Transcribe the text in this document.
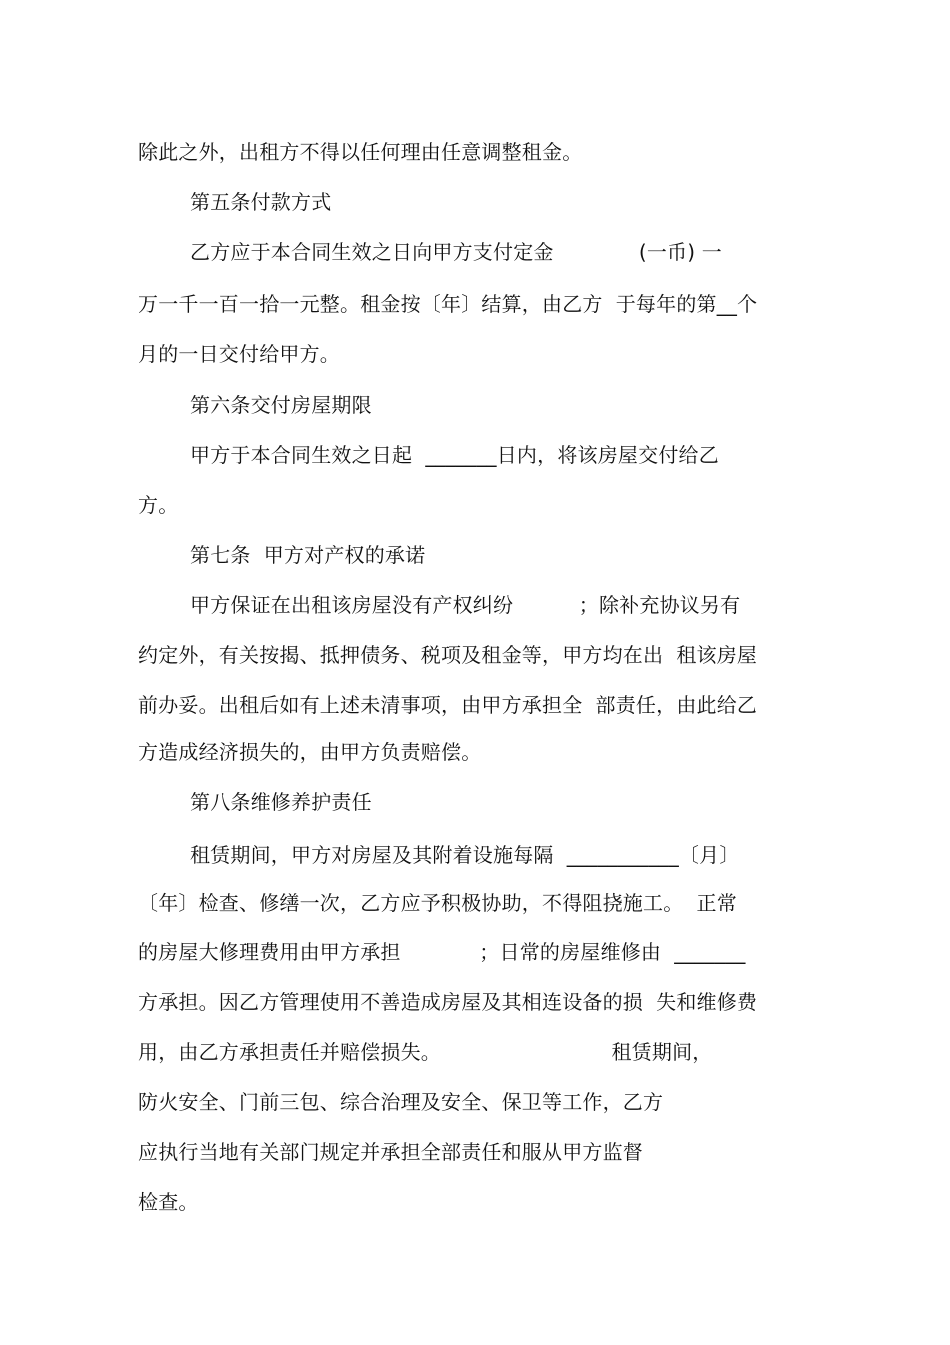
除此之外，出租方不得以任何理由任意调整租金。
第五条付款方式
乙方应于本合同生效之日向甲方支付定金             (一币) 一
万一千一百一拾一元整。租金按〔年〕结算，由乙方  于每年的第__个
月的一日交付给甲方。
第六条交付房屋期限
甲方于本合同生效之日起  _______日内，将该房屋交付给乙
方。
第七条  甲方对产权的承诺
甲方保证在出租该房屋没有产权纠纷          ；除补充协议另有
约定外，有关按揭、抵押债务、税项及租金等，甲方均在出  租该房屋
前办妥。出租后如有上述未清事项，由甲方承担全  部责任，由此给乙
方造成经济损失的，由甲方负责赔偿。
第八条维修养护责任
租赁期间，甲方对房屋及其附着设施每隔  ___________〔月〕
〔年〕检查、修缮一次，乙方应予积极协助，不得阻挠施工。  正常
的房屋大修理费用由甲方承担            ；日常的房屋维修由  _______
方承担。因乙方管理使用不善造成房屋及其相连设备的损  失和维修费
用，由乙方承担责任并赔偿损失。                          租赁期间，
防火安全、门前三包、综合治理及安全、保卫等工作，乙方
应执行当地有关部门规定并承担全部责任和服从甲方监督
检查。
